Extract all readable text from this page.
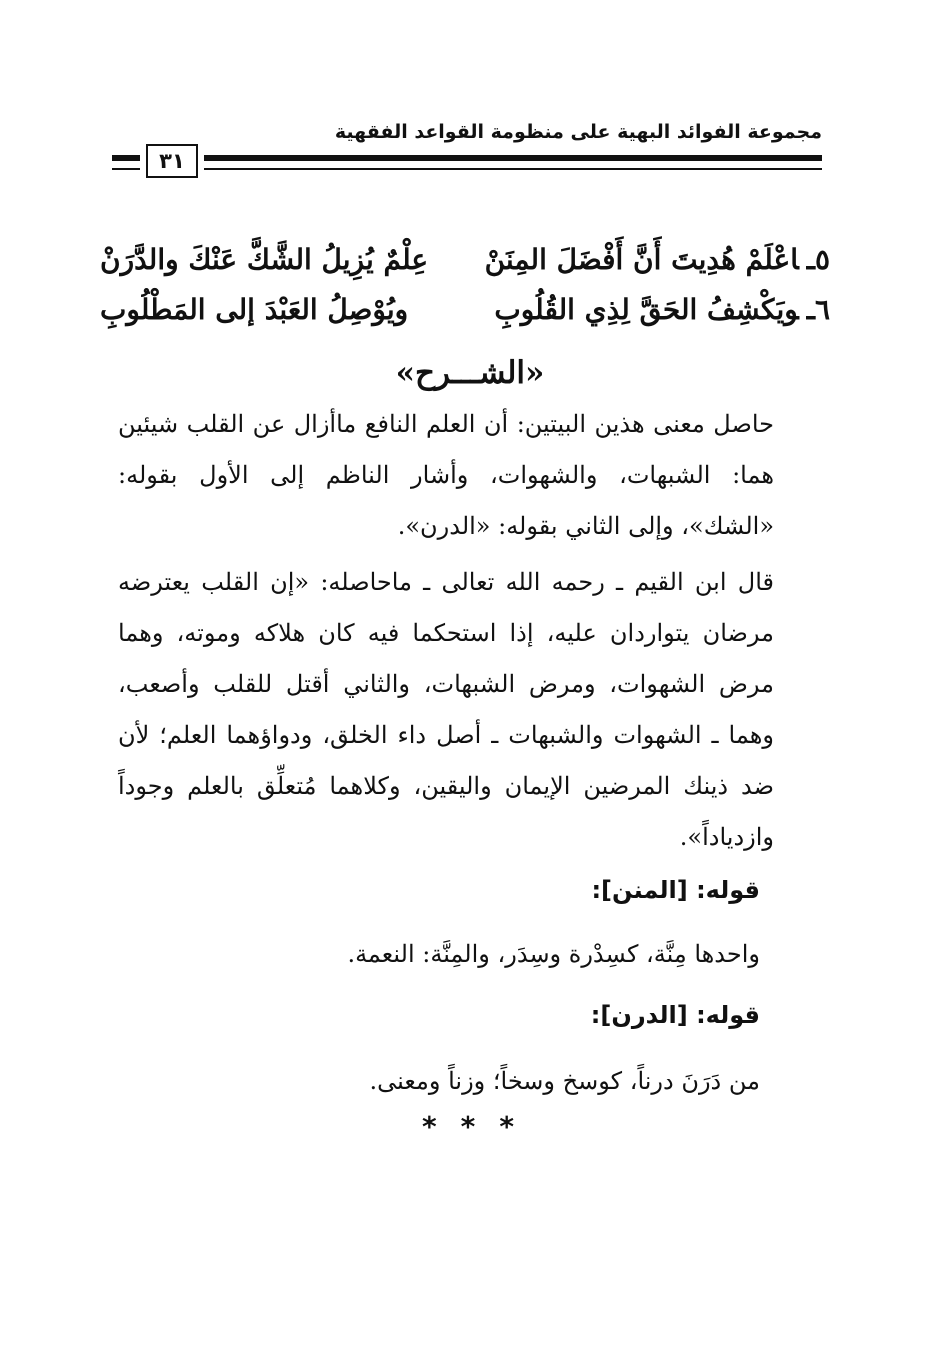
مجموعة الفوائد البهية على منظومة القواعد الفقهية
٣١
٥ـاعْلَمْ هُدِيتَ أَنَّ أَفْضَلَ المِنَنْ
عِلْمٌ يُزِيلُ الشَّكَّ عَنْكَ والدَّرَنْ
٦ـويَكْشِفُ الحَقَّ لِذِي القُلُوبِ
ويُوْصِلُ العَبْدَ إلى المَطْلُوبِ
«الشـــرح»

حاصل معنى هذين البيتين: أن العلم النافع ماأزال عن القلب شيئين هما: الشبهات، والشهوات، وأشار الناظم إلى الأول بقوله: «الشك»، وإلى الثاني بقوله: «الدرن».

قال ابن القيم ـ رحمه الله تعالى ـ ماحاصله: «إن القلب يعترضه مرضان يتواردان عليه، إذا استحكما فيه كان هلاكه وموته، وهما مرض الشهوات، ومرض الشبهات، والثاني أقتل للقلب وأصعب، وهما ـ الشهوات والشبهات ـ أصل داء الخلق، ودواؤهما العلم؛ لأن ضد ذينك المرضين الإيمان واليقين، وكلاهما مُتعلِّق بالعلم وجوداً وازدياداً».

قوله: [المنن]:

واحدها مِنَّة، كسِدْرة وسِدَر، والمِنَّة: النعمة.

قوله: [الدرن]:

من دَرَنَ درناً، كوسخ وسخاً؛ وزناً ومعنى.

***
